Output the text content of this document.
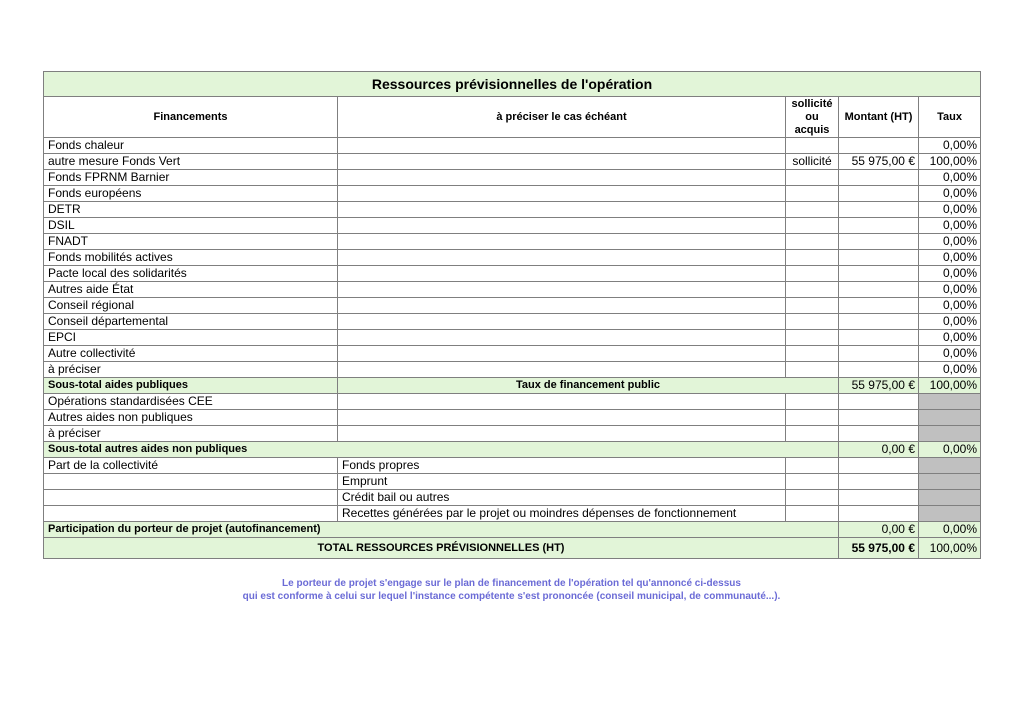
Ressources prévisionnelles de l'opération				
Financements	à préciser le cas échéant	sollicité ou acquis	Montant (HT)	Taux
Fonds chaleur				0,00%
autre mesure Fonds Vert		sollicité	55 975,00 €	100,00%
Fonds FPRNM Barnier				0,00%
Fonds européens				0,00%
DETR				0,00%
DSIL				0,00%
FNADT				0,00%
Fonds mobilités actives				0,00%
Pacte local des solidarités				0,00%
Autres aide État				0,00%
Conseil régional				0,00%
Conseil départemental				0,00%
EPCI				0,00%
Autre collectivité				0,00%
à préciser				0,00%
Sous-total aides publiques	Taux de financement public		55 975,00 €	100,00%
Opérations standardisées CEE				
Autres aides non publiques				
à préciser				
Sous-total autres aides non publiques			0,00 €	0,00%
Part de la collectivité	Fonds propres			
	Emprunt			
	Crédit bail ou autres			
	Recettes générées par le projet ou moindres dépenses de fonctionnement			
Participation du porteur de projet (autofinancement)			0,00 €	0,00%
TOTAL RESSOURCES PRÉVISIONNELLES (HT)			55 975,00 €	100,00%
Le porteur de projet s'engage sur le plan de financement de l'opération tel qu'annoncé ci-dessus
qui est conforme à celui sur lequel l'instance compétente s'est prononcée (conseil municipal, de communauté...).
